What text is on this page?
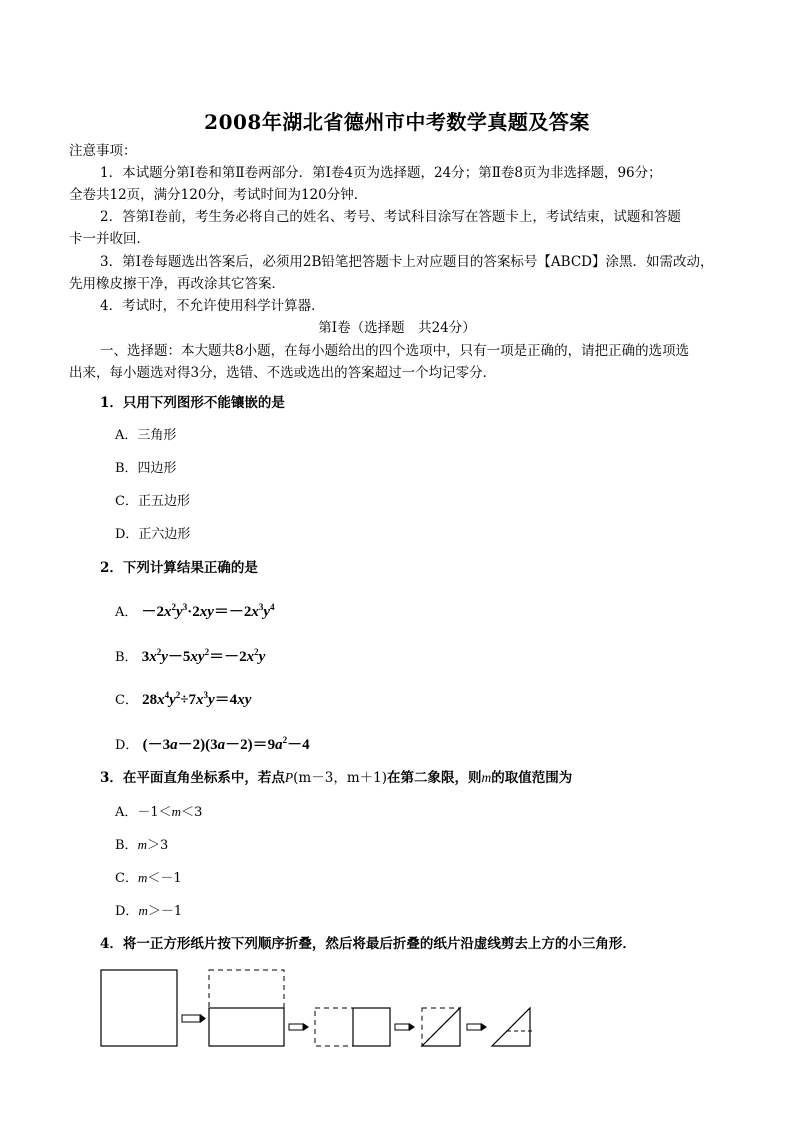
2008年湖北省德州市中考数学真题及答案
注意事项：
1．本试题分第Ⅰ卷和第Ⅱ卷两部分．第Ⅰ卷4页为选择题，24分；第Ⅱ卷8页为非选择题，96分；
全卷共12页，满分120分，考试时间为120分钟．
2．答第Ⅰ卷前，考生务必将自己的姓名、考号、考试科目涂写在答题卡上，考试结束，试题和答题
卡一并收回．
3．第Ⅰ卷每题选出答案后，必须用2B铅笔把答题卡上对应题目的答案标号【ABCD】涂黑．如需改动，
先用橡皮擦干净，再改涂其它答案．
4．考试时，不允许使用科学计算器．
第Ⅰ卷（选择题　共24分）
一、选择题：本大题共8小题，在每小题给出的四个选项中，只有一项是正确的，请把正确的选项选
出来，每小题选对得3分，选错、不选或选出的答案超过一个均记零分．
1．只用下列图形不能镶嵌的是
A．三角形
B．四边形
C．正五边形
D．正六边形
2．下列计算结果正确的是
A． $-2x^2y^3\cdot 2xy=-2x^3y^4$
B． $3x^2y-5xy^2=-2x^2y$
C． $28x^4y^2\div 7x^3y=4xy$
D． $(-3a-2)(3a-2)=9a^2-4$
3．在平面直角坐标系中，若点P(m－3，m＋1)在第二象限，则m的取值范围为
A．－1＜m＜3
B．m＞3
C．m＜－1
D．m＞－1
4．将一正方形纸片按下列顺序折叠，然后将最后折叠的纸片沿虚线剪去上方的小三角形．
